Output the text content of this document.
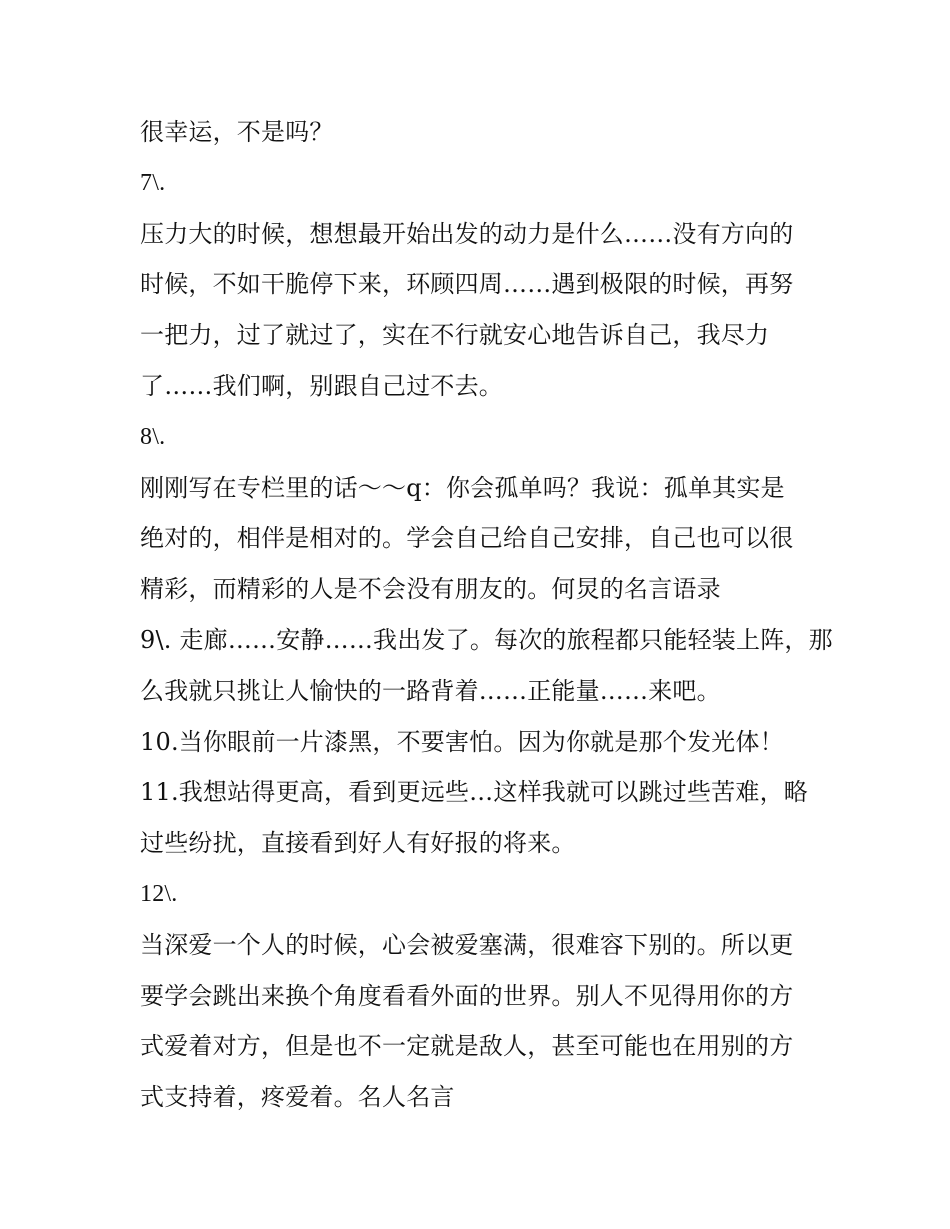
很幸运，不是吗？
7\.
压力大的时候，想想最开始出发的动力是什么……没有方向的
时候，不如干脆停下来，环顾四周……遇到极限的时候，再努
一把力，过了就过了，实在不行就安心地告诉自己，我尽力
了……我们啊，别跟自己过不去。
8\.
刚刚写在专栏里的话～～q：你会孤单吗？我说：孤单其实是
绝对的，相伴是相对的。学会自己给自己安排，自己也可以很
精彩，而精彩的人是不会没有朋友的。何炅的名言语录
9\. 走廊……安静……我出发了。每次的旅程都只能轻装上阵，那
么我就只挑让人愉快的一路背着……正能量……来吧。
10.当你眼前一片漆黑，不要害怕。因为你就是那个发光体！
11.我想站得更高，看到更远些…这样我就可以跳过些苦难，略
过些纷扰，直接看到好人有好报的将来。
12\.
当深爱一个人的时候，心会被爱塞满，很难容下别的。所以更
要学会跳出来换个角度看看外面的世界。别人不见得用你的方
式爱着对方，但是也不一定就是敌人，甚至可能也在用别的方
式支持着，疼爱着。名人名言
